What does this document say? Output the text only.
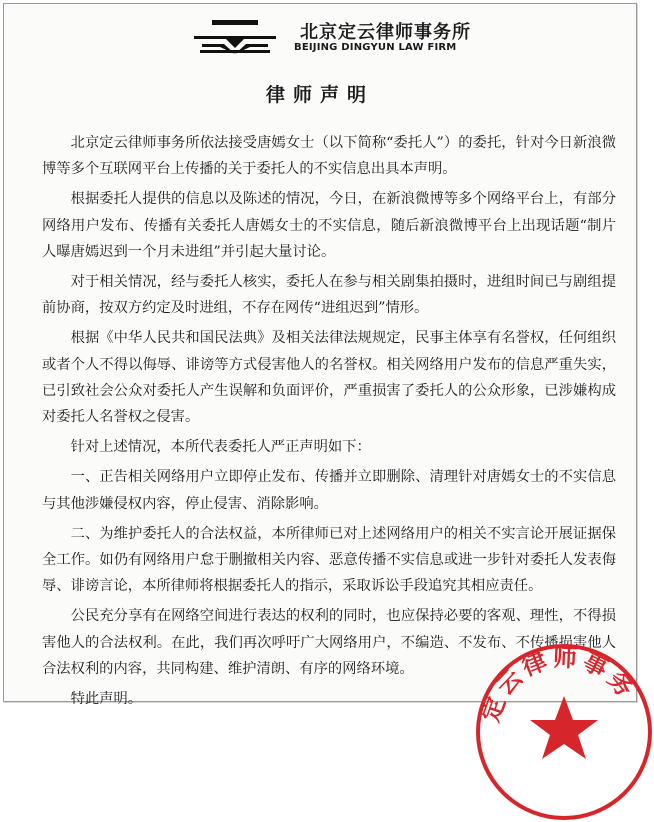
北京定云律师事务所
BEIJING DINGYUN LAW FIRM
律师声明

北京定云律师事务所依法接受唐嫣女士（以下简称“委托人”）的委托，针对今日新浪微博等多个互联网平台上传播的关于委托人的不实信息出具本声明。

根据委托人提供的信息以及陈述的情况，今日，在新浪微博等多个网络平台上，有部分网络用户发布、传播有关委托人唐嫣女士的不实信息，随后新浪微博平台上出现话题“制片人曝唐嫣迟到一个月未进组”并引起大量讨论。

对于相关情况，经与委托人核实，委托人在参与相关剧集拍摄时，进组时间已与剧组提前协商，按双方约定及时进组，不存在网传“进组迟到”情形。

根据《中华人民共和国民法典》及相关法律法规规定，民事主体享有名誉权，任何组织或者个人不得以侮辱、诽谤等方式侵害他人的名誉权。相关网络用户发布的信息严重失实，已引致社会公众对委托人产生误解和负面评价，严重损害了委托人的公众形象，已涉嫌构成对委托人名誉权之侵害。

针对上述情况，本所代表委托人严正声明如下：

一、正告相关网络用户立即停止发布、传播并立即删除、清理针对唐嫣女士的不实信息与其他涉嫌侵权内容，停止侵害、消除影响。

二、为维护委托人的合法权益，本所律师已对上述网络用户的相关不实言论开展证据保全工作。如仍有网络用户怠于删撤相关内容、恶意传播不实信息或进一步针对委托人发表侮辱、诽谤言论，本所律师将根据委托人的指示，采取诉讼手段追究其相应责任。

公民充分享有在网络空间进行表达的权利的同时，也应保持必要的客观、理性，不得损害他人的合法权利。在此，我们再次呼吁广大网络用户，不编造、不发布、不传播损害他人合法权利的内容，共同构建、维护清朗、有序的网络环境。

特此声明。	定云律师事务
